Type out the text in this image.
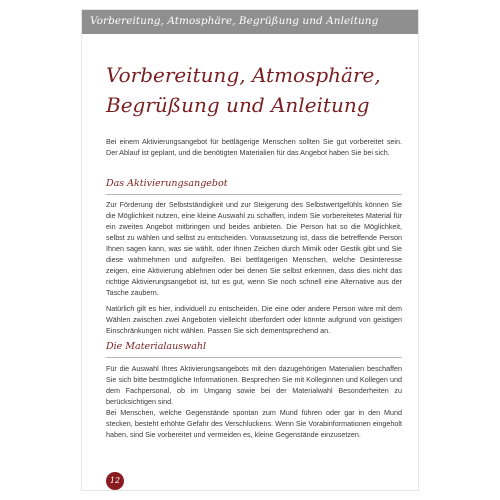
Vorbereitung, Atmosphäre, Begrüßung und Anleitung
Vorbereitung, Atmosphäre, Begrüßung und Anleitung
Bei einem Aktivierungsangebot für bettlägerige Menschen sollten Sie gut vorbereitet sein. Der Ablauf ist geplant, und die benötigten Materialien für das Angebot haben Sie bei sich.
Das Aktivierungsangebot
Zur Förderung der Selbstständigkeit und zur Steigerung des Selbstwertgefühls können Sie die Möglichkeit nutzen, eine kleine Auswahl zu schaffen, indem Sie vorbereitetes Material für ein zweites Angebot mitbringen und beides anbieten. Die Person hat so die Möglichkeit, selbst zu wählen und selbst zu entscheiden. Voraussetzung ist, dass die betreffende Person Ihnen sagen kann, was sie wählt, oder Ihnen Zeichen durch Mimik oder Gestik gibt und Sie diese wahrnehmen und aufgreifen. Bei bettlägerigen Menschen, welche Desinteresse zeigen, eine Aktivierung ablehnen oder bei denen Sie selbst erkennen, dass dies nicht das richtige Aktivierungsangebot ist, tut es gut, wenn Sie noch schnell eine Alternative aus der Tasche zaubern.
Natürlich gilt es hier, individuell zu entscheiden. Die eine oder andere Person wäre mit dem Wählen zwischen zwei Angeboten vielleicht überfordert oder könnte aufgrund von geistigen Einschränkungen nicht wählen. Passen Sie sich dementsprechend an.
Die Materialauswahl
Für die Auswahl Ihres Aktivierungsangebots mit den dazugehörigen Materialien beschaffen Sie sich bitte bestmögliche Informationen. Besprechen Sie mit Kolleginnen und Kollegen und dem Fachpersonal, ob im Umgang sowie bei der Materialwahl Besonderheiten zu berücksichtigen sind.
Bei Menschen, welche Gegenstände spontan zum Mund führen oder gar in den Mund stecken, besteht erhöhte Gefahr des Verschluckens. Wenn Sie Vorabinformationen eingeholt haben, sind Sie vorbereitet und vermeiden es, kleine Gegenstände einzusetzen.
12
